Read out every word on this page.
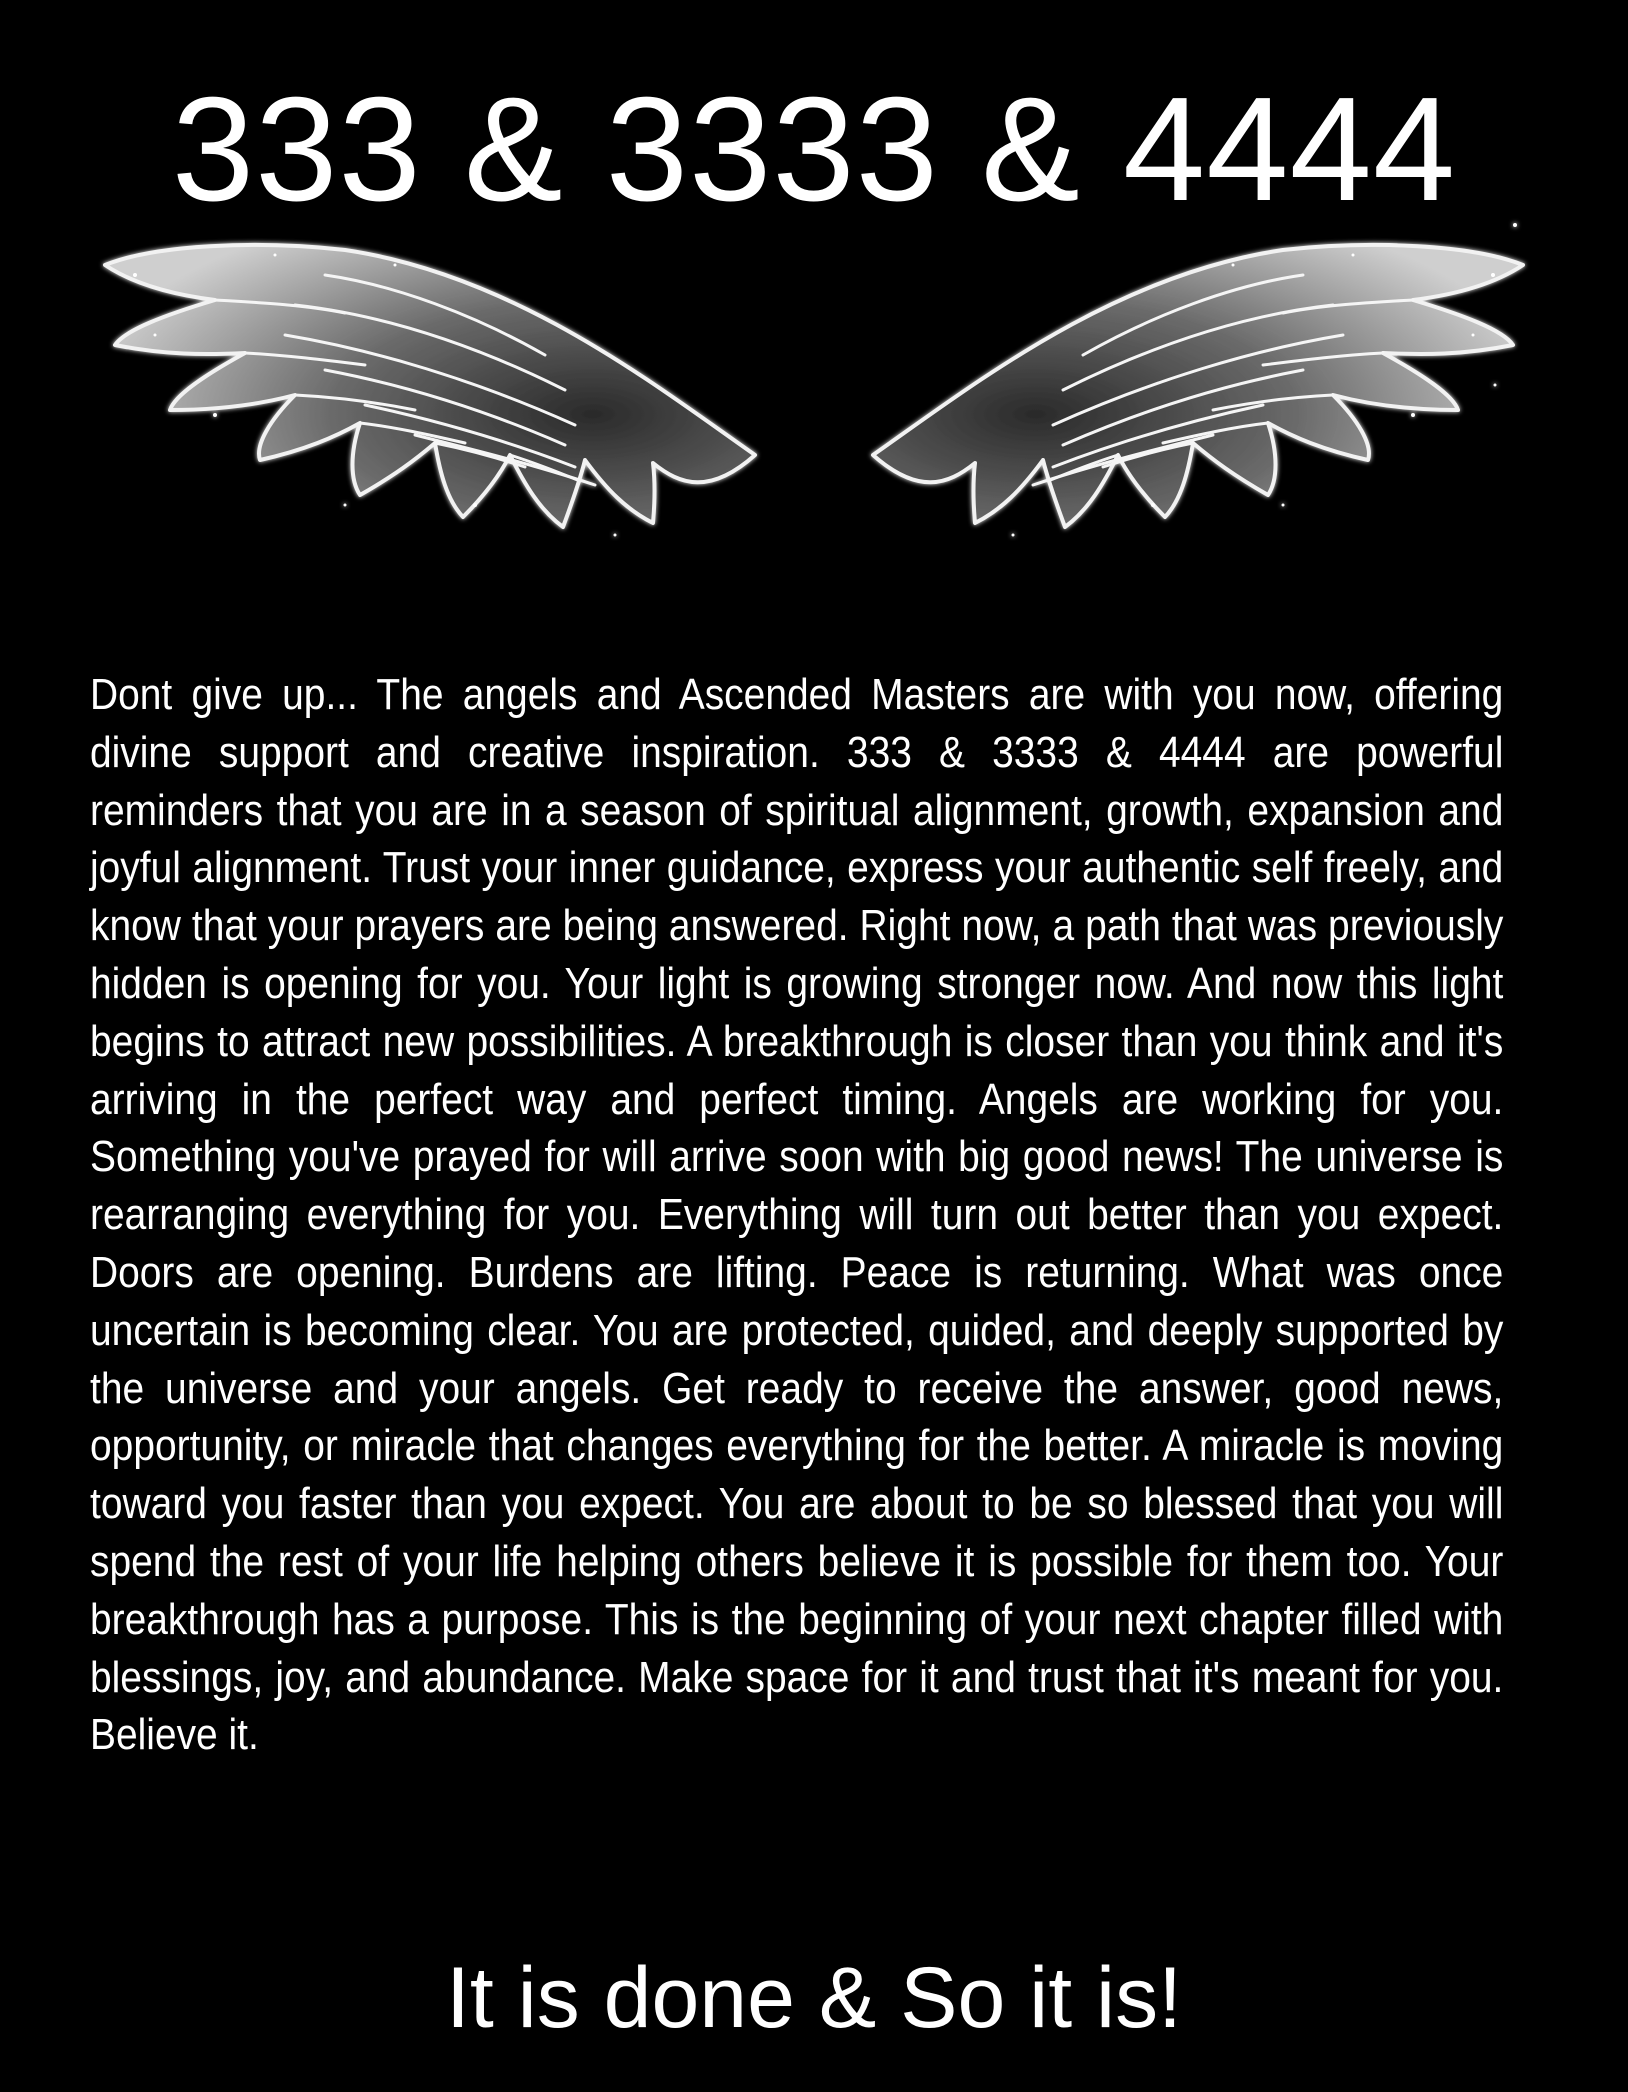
333 & 3333 & 4444
Dont give up... The angels and Ascended Masters are with you now, offering divine support and creative inspiration. 333 & 3333 & 4444 are powerful reminders that you are in a season of spiritual alignment, growth, expansion and joyful alignment. Trust your inner guidance, express your authentic self freely, and know that your prayers are being answered. Right now, a path that was previously hidden is opening for you. Your light is growing stronger now. And now this light begins to attract new possibilities. A breakthrough is closer than you think and it's arriving in the perfect way and perfect timing. Angels are working for you. Something you've prayed for will arrive soon with big good news! The universe is rearranging everything for you. Everything will turn out better than you expect. Doors are opening. Burdens are lifting. Peace is returning. What was once uncertain is becoming clear. You are protected, quided, and deeply supported by the universe and your angels. Get ready to receive the answer, good news, opportunity, or miracle that changes everything for the better. A miracle is moving toward you faster than you expect. You are about to be so blessed that you will spend the rest of your life helping others believe it is possible for them too. Your breakthrough has a purpose. This is the beginning of your next chapter filled with blessings, joy, and abundance. Make space for it and trust that it's meant for you. Believe it.
It is done & So it is!
